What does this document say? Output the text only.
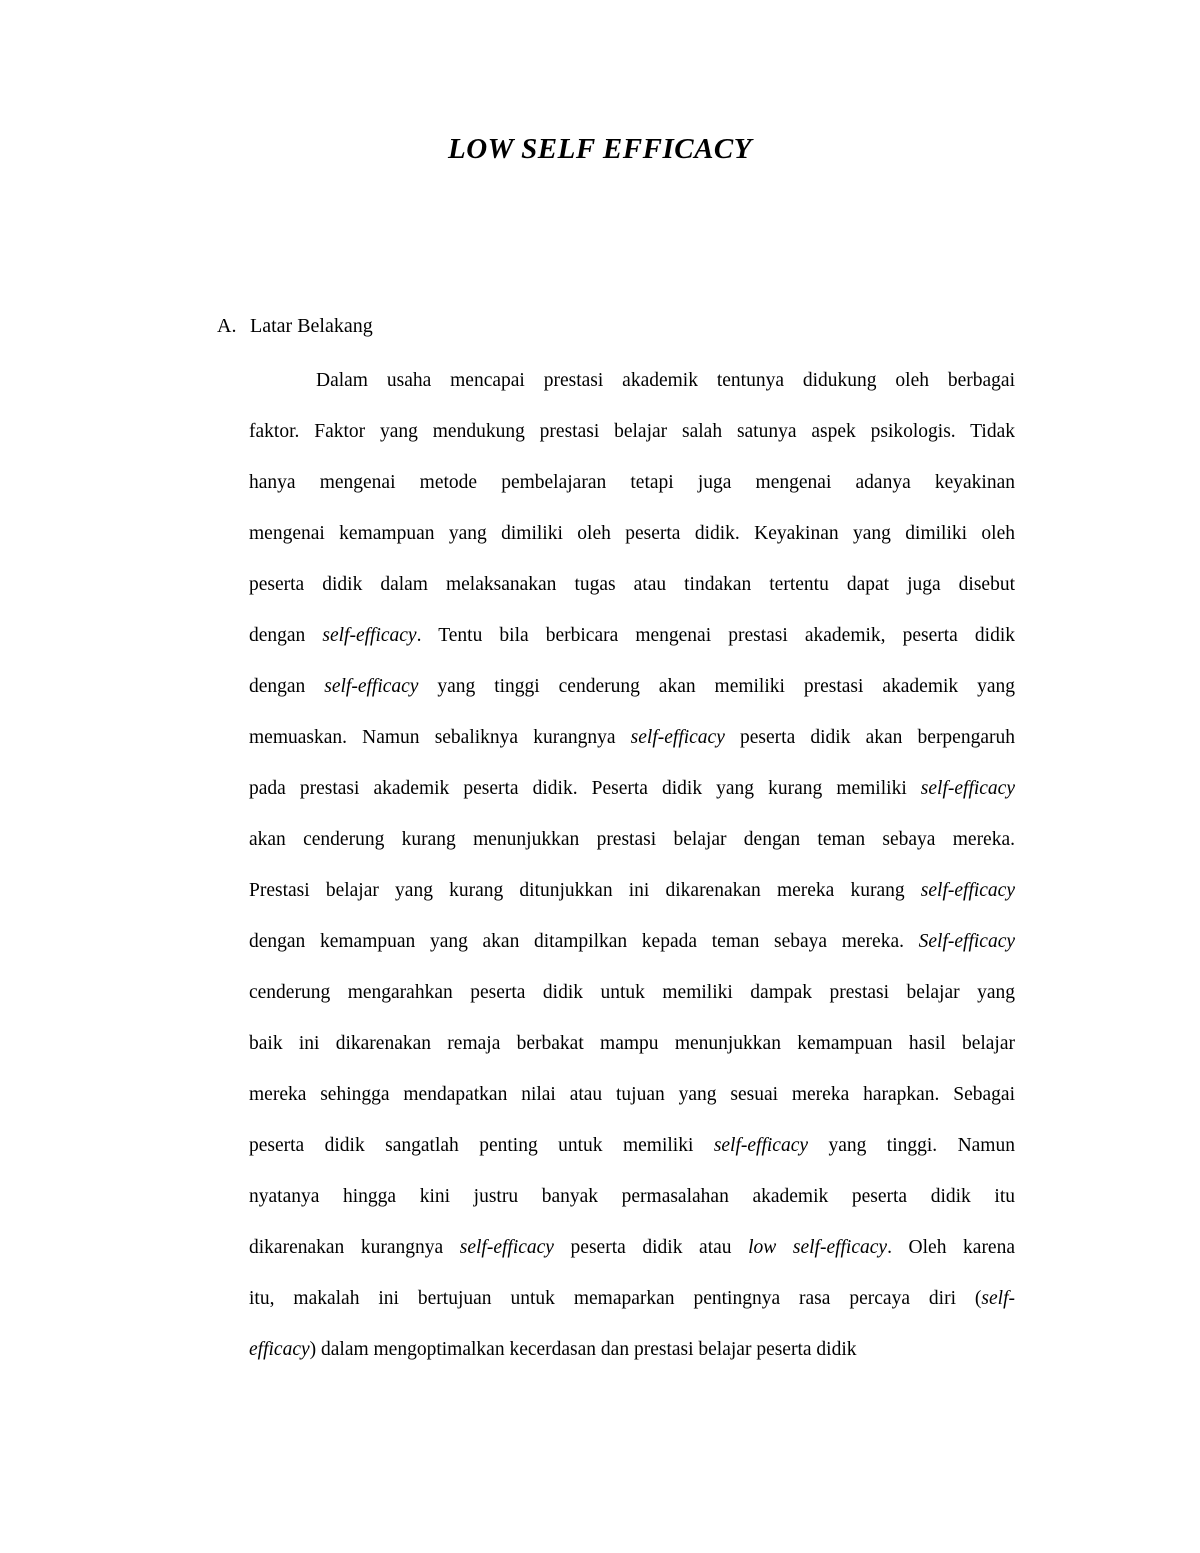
LOW SELF EFFICACY
A. Latar Belakang
Dalam usaha mencapai prestasi akademik tentunya didukung oleh berbagai
faktor. Faktor yang mendukung prestasi belajar salah satunya aspek psikologis. Tidak
hanya mengenai metode pembelajaran tetapi juga mengenai adanya keyakinan
mengenai kemampuan yang dimiliki oleh peserta didik. Keyakinan yang dimiliki oleh
peserta didik dalam melaksanakan tugas atau tindakan tertentu dapat juga disebut
dengan self-efficacy. Tentu bila berbicara mengenai prestasi akademik, peserta didik
dengan self-efficacy yang tinggi cenderung akan memiliki prestasi akademik yang
memuaskan. Namun sebaliknya kurangnya self-efficacy peserta didik akan berpengaruh
pada prestasi akademik peserta didik. Peserta didik yang kurang memiliki self-efficacy
akan cenderung kurang menunjukkan prestasi belajar dengan teman sebaya mereka.
Prestasi belajar yang kurang ditunjukkan ini dikarenakan mereka kurang self-efficacy
dengan kemampuan yang akan ditampilkan kepada teman sebaya mereka. Self-efficacy
cenderung mengarahkan peserta didik untuk memiliki dampak prestasi belajar yang
baik ini dikarenakan remaja berbakat mampu menunjukkan kemampuan hasil belajar
mereka sehingga mendapatkan nilai atau tujuan yang sesuai mereka harapkan. Sebagai
peserta didik sangatlah penting untuk memiliki self-efficacy yang tinggi. Namun
nyatanya hingga kini justru banyak permasalahan akademik peserta didik itu
dikarenakan kurangnya self-efficacy peserta didik atau low self-efficacy. Oleh karena
itu, makalah ini bertujuan untuk memaparkan pentingnya rasa percaya diri (self-
efficacy) dalam mengoptimalkan kecerdasan dan prestasi belajar peserta didik
